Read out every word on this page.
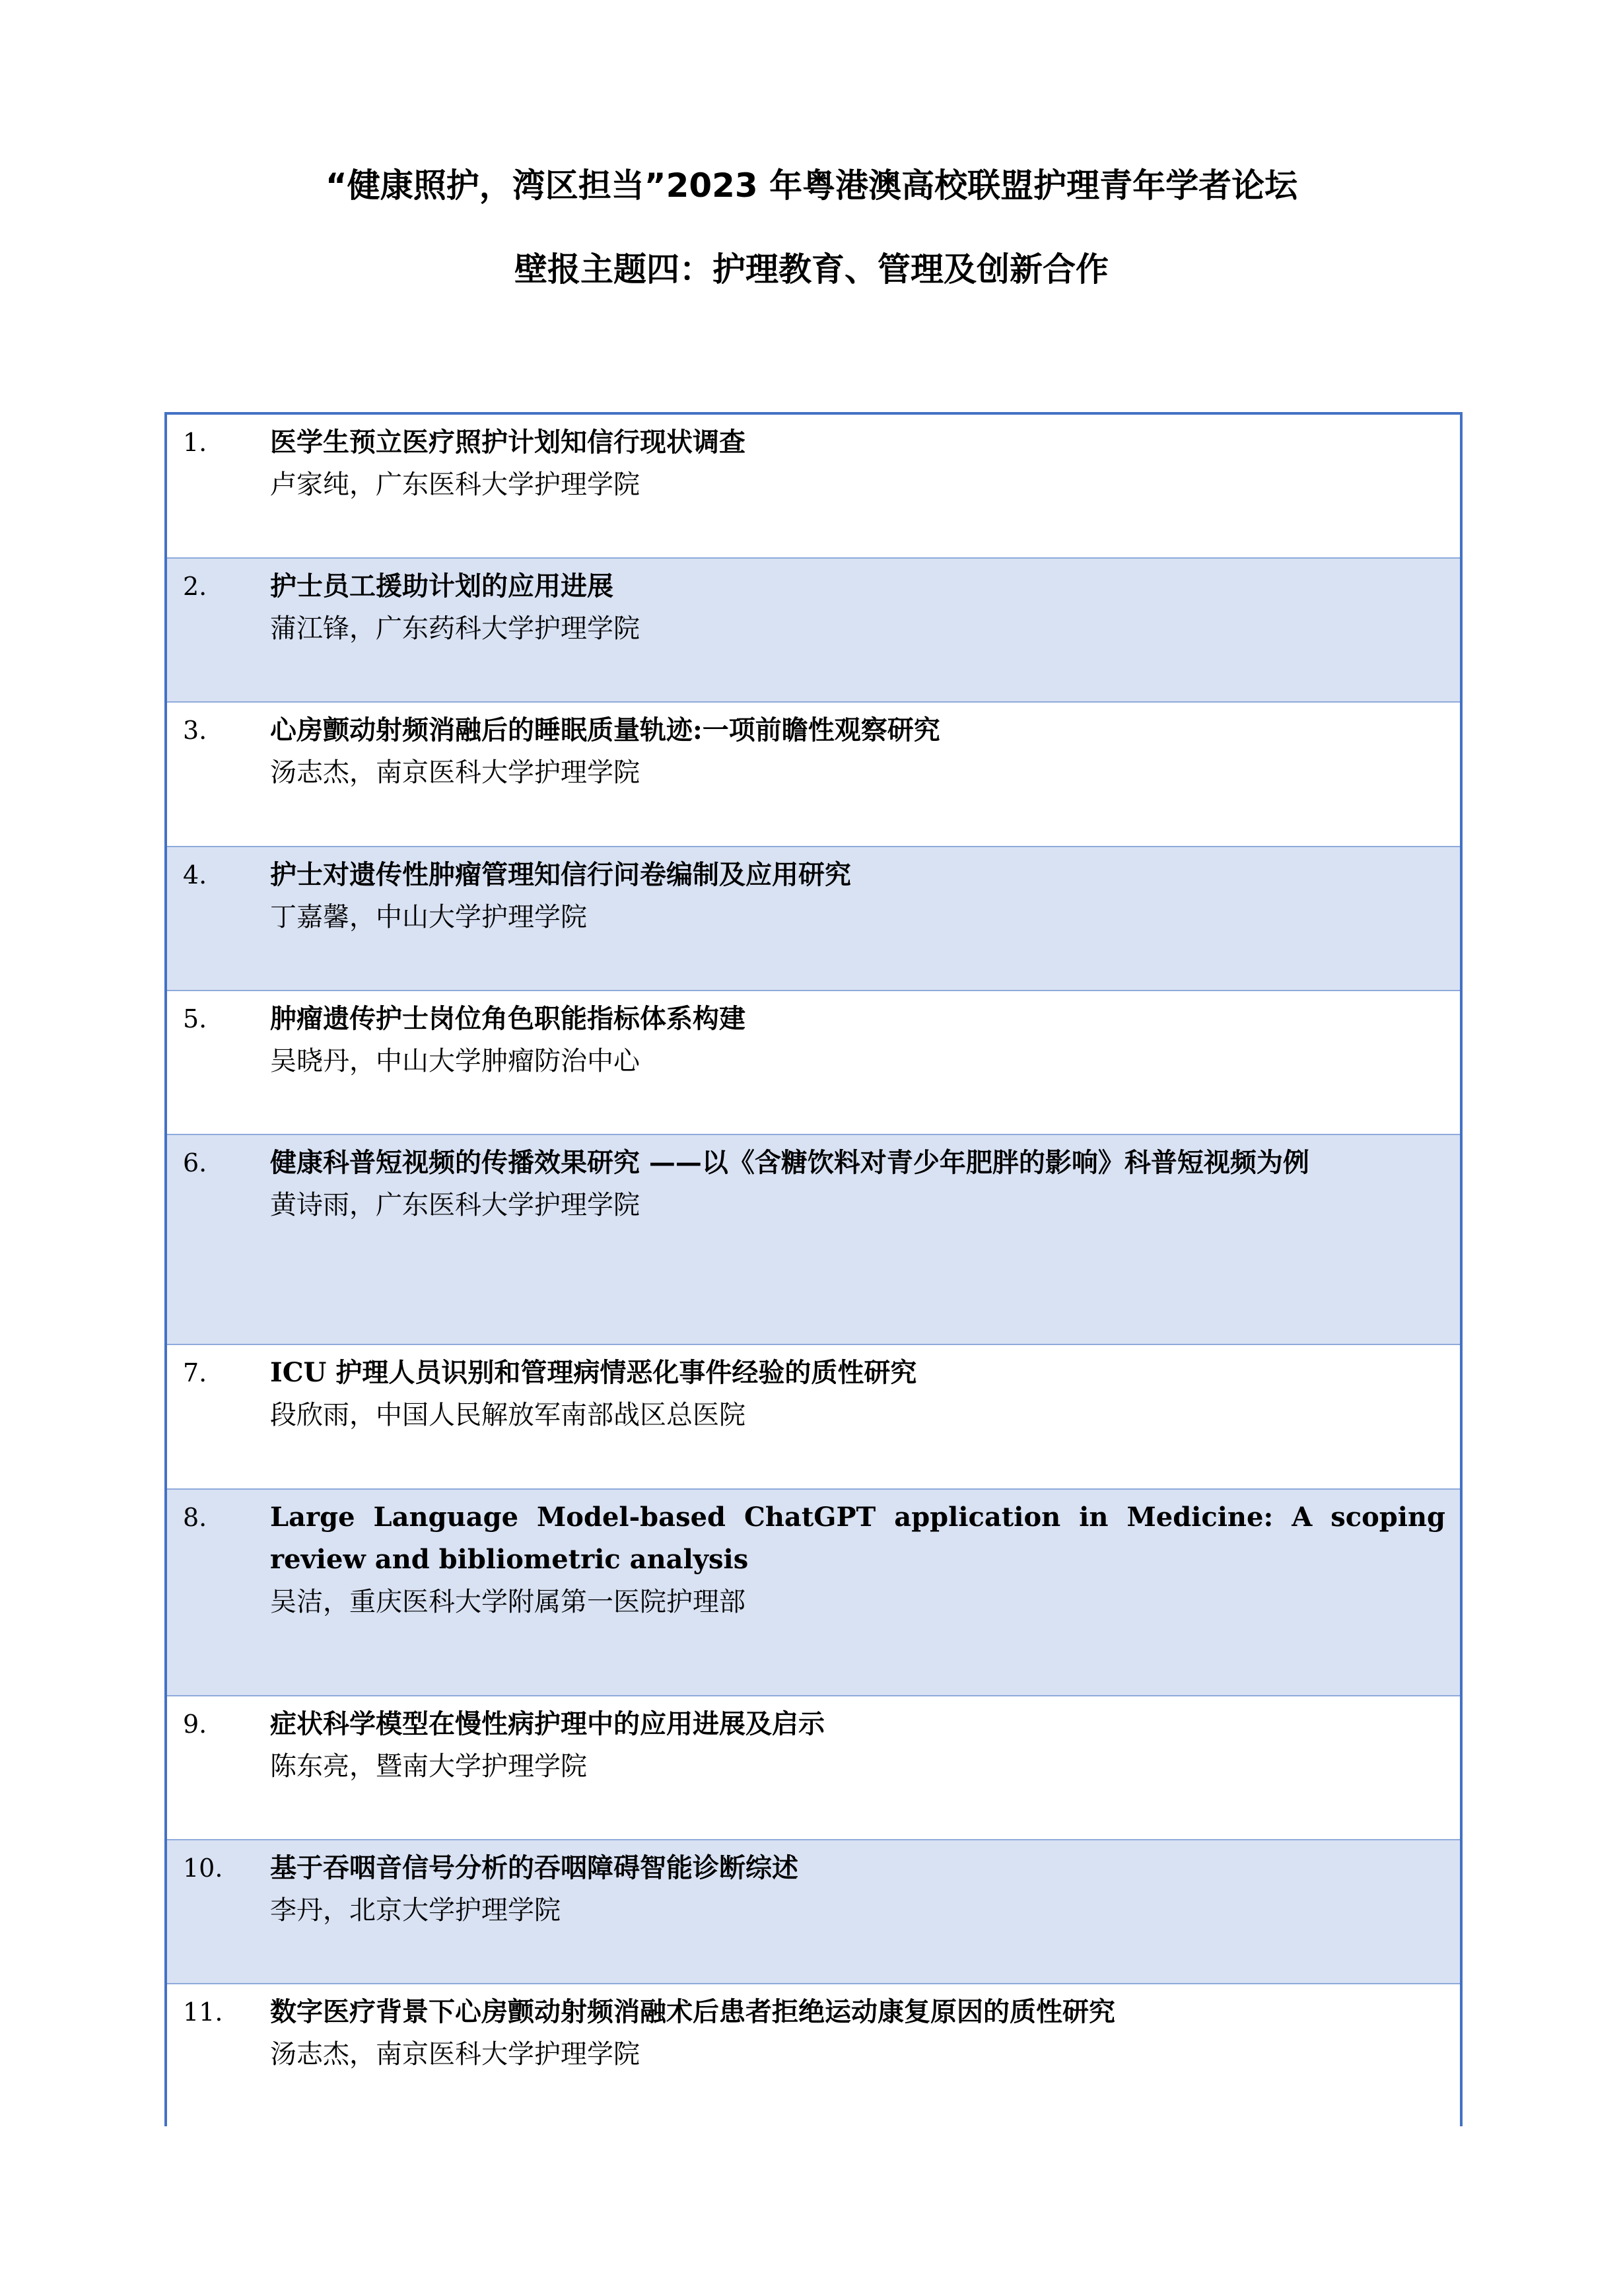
“健康照护，湾区担当”2023 年粤港澳高校联盟护理青年学者论坛
壁报主题四：护理教育、管理及创新合作
1. 医学生预立医疗照护计划知信行现状调查
卢家纯，广东医科大学护理学院
2. 护士员工援助计划的应用进展
蒲江锋，广东药科大学护理学院
3. 心房颤动射频消融后的睡眠质量轨迹:一项前瞻性观察研究
汤志杰，南京医科大学护理学院
4. 护士对遗传性肿瘤管理知信行问卷编制及应用研究
丁嘉馨，中山大学护理学院
5. 肿瘤遗传护士岗位角色职能指标体系构建
吴晓丹，中山大学肿瘤防治中心
6. 健康科普短视频的传播效果研究 ——以《含糖饮料对青少年肥胖的影响》科普短视频为例
黄诗雨，广东医科大学护理学院
7. ICU 护理人员识别和管理病情恶化事件经验的质性研究
段欣雨，中国人民解放军南部战区总医院
8. Large Language Model-based ChatGPT application in Medicine: A scoping review and bibliometric analysis
吴洁，重庆医科大学附属第一医院护理部
9. 症状科学模型在慢性病护理中的应用进展及启示
陈东亮，暨南大学护理学院
10. 基于吞咽音信号分析的吞咽障碍智能诊断综述
李丹，北京大学护理学院
11. 数字医疗背景下心房颤动射频消融术后患者拒绝运动康复原因的质性研究
汤志杰，南京医科大学护理学院
